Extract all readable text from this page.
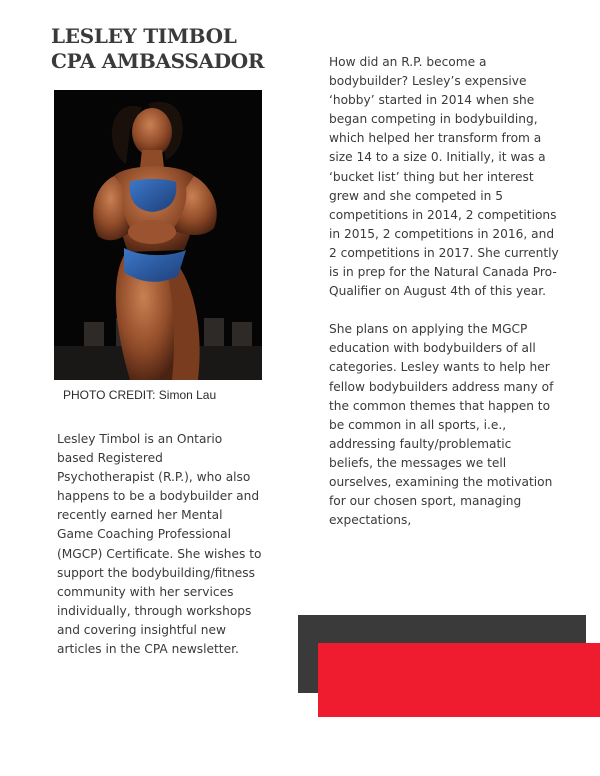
LESLEY TIMBOL
CPA AMBASSADOR
PHOTO CREDIT: Simon Lau

Lesley Timbol is an Ontario based Registered Psychotherapist (R.P.), who also happens to be a bodybuilder and recently earned her Mental Game Coaching Professional (MGCP) Certificate. She wishes to support the bodybuilding/fitness community with her services individually, through workshops and covering insightful new articles in the CPA newsletter.

How did an R.P. become a bodybuilder? Lesley’s expensive ‘hobby’ started in 2014 when she began competing in bodybuilding, which helped her transform from a size 14 to a size 0. Initially, it was a ‘bucket list’ thing but her interest grew and she competed in 5 competitions in 2014, 2 competitions in 2015, 2 competitions in 2016, and 2 competitions in 2017. She currently is in prep for the Natural Canada Pro-Qualifier on August 4th of this year.

She plans on applying the MGCP education with bodybuilders of all categories. Lesley wants to help her fellow bodybuilders address many of the common themes that happen to be common in all sports, i.e., addressing faulty/problematic beliefs, the messages we tell ourselves, examining the motivation for our chosen sport, managing expectations,
